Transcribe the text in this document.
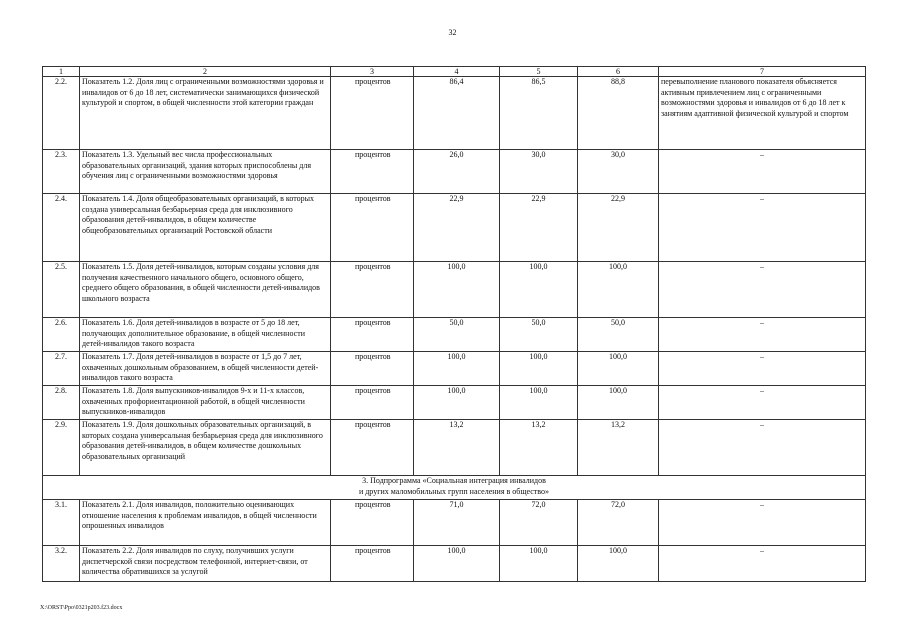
32
1	2	3	4	5	6	7
2.2.	Показатель 1.2. Доля лиц с ограниченными возможностями здоровья и инвалидов от 6 до 18 лет, систематически занимающихся физической культурой и спортом, в общей численности этой категории граждан	процентов	86,4	86,5	88,8	перевыполнение планового показателя объясняется активным привлечением лиц с ограниченными возможностями здоровья и инвалидов от 6 до 18 лет к занятиям адаптивной физической культурой и спортом
2.3.	Показатель 1.3. Удельный вес числа профессиональных образовательных организаций, здания которых приспособлены для обучения лиц с ограниченными возможностями здоровья	процентов	26,0	30,0	30,0	–
2.4.	Показатель 1.4. Доля общеобразовательных организаций, в которых создана универсальная безбарьерная среда для инклюзивного образования детей-инвалидов, в общем количестве общеобразовательных организаций Ростовской области	процентов	22,9	22,9	22,9	–
2.5.	Показатель 1.5. Доля детей-инвалидов, которым созданы условия для получения качественного начального общего, основного общего, среднего общего образования, в общей численности детей-инвалидов школьного возраста	процентов	100,0	100,0	100,0	–
2.6.	Показатель 1.6. Доля детей-инвалидов в возрасте от 5 до 18 лет, получающих дополнительное образование, в общей численности детей-инвалидов такого возраста	процентов	50,0	50,0	50,0	–
2.7.	Показатель 1.7. Доля детей-инвалидов в возрасте от 1,5 до 7 лет, охваченных дошкольным образованием, в общей численности детей-инвалидов такого возраста	процентов	100,0	100,0	100,0	–
2.8.	Показатель 1.8. Доля выпускников-инвалидов 9-х и 11-х классов, охваченных профориентационной работой, в общей численности выпускников-инвалидов	процентов	100,0	100,0	100,0	–
2.9.	Показатель 1.9. Доля дошкольных образовательных организаций, в которых создана универсальная безбарьерная среда для инклюзивного образования детей-инвалидов, в общем количестве дошкольных образовательных организаций	процентов	13,2	13,2	13,2	–

3. Подпрограмма «Социальная интеграция инвалидов
и других маломобильных групп населения в общество»						

3.1.	Показатель 2.1. Доля инвалидов, положительно оценивающих отношение населения к проблемам инвалидов, в общей численности опрошенных инвалидов	процентов	71,0	72,0	72,0	–
3.2.	Показатель 2.2. Доля инвалидов по слуху, получивших услуги диспетчерской связи посредством телефонной, интернет-связи, от количества обратившихся за услугой	процентов	100,0	100,0	100,0	–
X:\ORST\Ppo\0321p203.f23.docx
